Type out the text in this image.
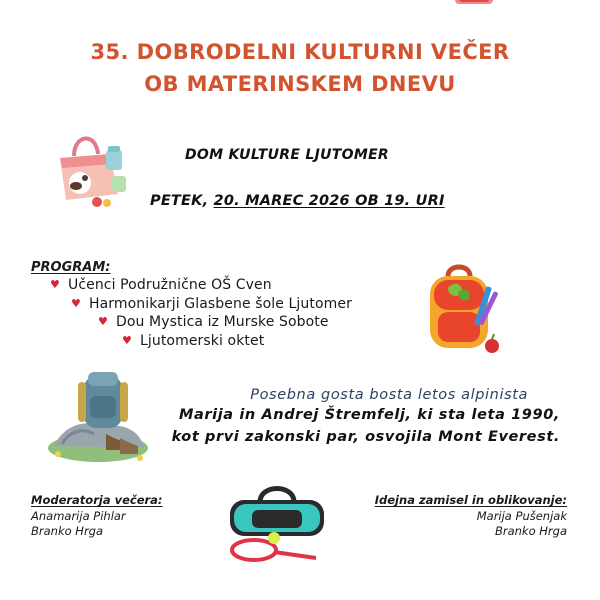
35. DOBRODELNI KULTURNI VEČER
OB MATERINSKEM DNEVU
DOM KULTURE LJUTOMER
PETEK, 20. MAREC 2026 OB 19. URI
PROGRAM:
♥ Učenci Podružnične OŠ Cven
♥ Harmonikarji Glasbene šole Ljutomer
♥ Dou Mystica iz Murske Sobote
♥ Ljutomerski oktet
Posebna gosta bosta letos alpinista
Marija in Andrej Štremfelj, ki sta leta 1990,
kot prvi zakonski par, osvojila Mont Everest.
Moderatorja večera:
Anamarija Pihlar
Branko Hrga
Idejna zamisel in oblikovanje:
Marija Pušenjak
Branko Hrga
